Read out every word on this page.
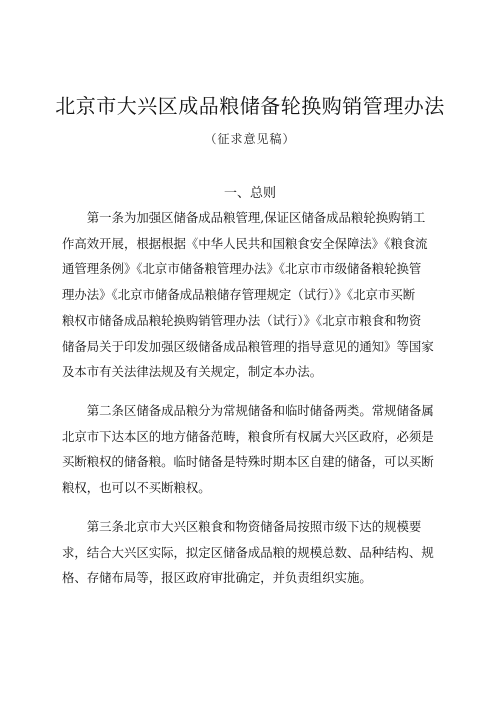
北京市大兴区成品粮储备轮换购销管理办法
（征求意见稿）
一、总则
　　第一条为加强区储备成品粮管理,保证区储备成品粮轮换购销工
作高效开展，根据根据《中华人民共和国粮食安全保障法》《粮食流
通管理条例》《北京市储备粮管理办法》《北京市市级储备粮轮换管
理办法》《北京市储备成品粮储存管理规定（试行）》《北京市买断
粮权市储备成品粮轮换购销管理办法（试行）》《北京市粮食和物资
储备局关于印发加强区级储备成品粮管理的指导意见的通知》等国家
及本市有关法律法规及有关规定，制定本办法。
　　第二条区储备成品粮分为常规储备和临时储备两类。常规储备属
北京市下达本区的地方储备范畴，粮食所有权属大兴区政府，必须是
买断粮权的储备粮。临时储备是特殊时期本区自建的储备，可以买断
粮权，也可以不买断粮权。
　　第三条北京市大兴区粮食和物资储备局按照市级下达的规模要
求，结合大兴区实际，拟定区储备成品粮的规模总数、品种结构、规
格、存储布局等，报区政府审批确定，并负责组织实施。
